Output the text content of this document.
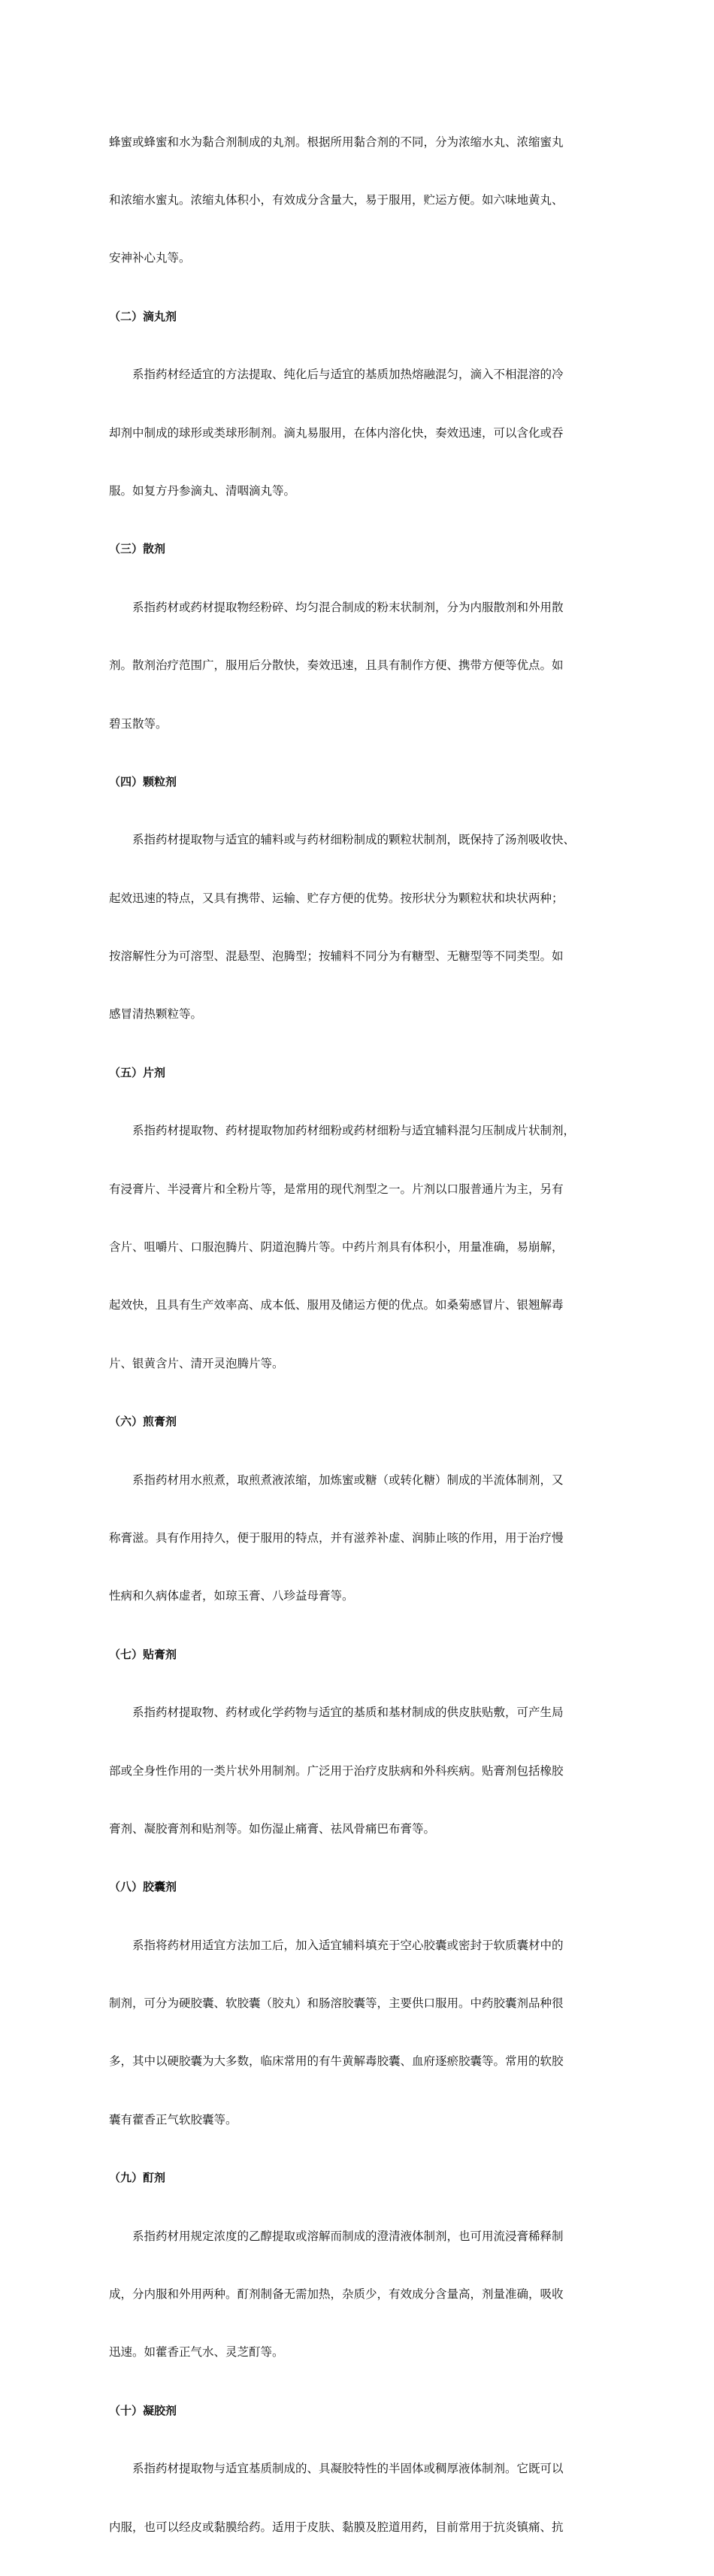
蜂蜜或蜂蜜和水为黏合剂制成的丸剂。根据所用黏合剂的不同，分为浓缩水丸、浓缩蜜丸

和浓缩水蜜丸。浓缩丸体积小，有效成分含量大，易于服用，贮运方便。如六味地黄丸、

安神补心丸等。

（二）滴丸剂

系指药材经适宜的方法提取、纯化后与适宜的基质加热熔融混匀，滴入不相混溶的冷

却剂中制成的球形或类球形制剂。滴丸易服用，在体内溶化快，奏效迅速，可以含化或吞

服。如复方丹参滴丸、清咽滴丸等。

（三）散剂

系指药材或药材提取物经粉碎、均匀混合制成的粉末状制剂，分为内服散剂和外用散

剂。散剂治疗范围广，服用后分散快，奏效迅速，且具有制作方便、携带方便等优点。如

碧玉散等。

（四）颗粒剂

系指药材提取物与适宜的辅料或与药材细粉制成的颗粒状制剂，既保持了汤剂吸收快、

起效迅速的特点，又具有携带、运输、贮存方便的优势。按形状分为颗粒状和块状两种；

按溶解性分为可溶型、混悬型、泡腾型；按辅料不同分为有糖型、无糖型等不同类型。如

感冒清热颗粒等。

（五）片剂

系指药材提取物、药材提取物加药材细粉或药材细粉与适宜辅料混匀压制成片状制剂，

有浸膏片、半浸膏片和全粉片等，是常用的现代剂型之一。片剂以口服普通片为主，另有

含片、咀嚼片、口服泡腾片、阴道泡腾片等。中药片剂具有体积小，用量准确，易崩解，

起效快，且具有生产效率高、成本低、服用及储运方便的优点。如桑菊感冒片、银翘解毒

片、银黄含片、清开灵泡腾片等。

（六）煎膏剂

系指药材用水煎煮，取煎煮液浓缩，加炼蜜或糖（或转化糖）制成的半流体制剂，又

称膏滋。具有作用持久，便于服用的特点，并有滋养补虚、润肺止咳的作用，用于治疗慢

性病和久病体虚者，如琼玉膏、八珍益母膏等。

（七）贴膏剂

系指药材提取物、药材或化学药物与适宜的基质和基材制成的供皮肤贴敷，可产生局

部或全身性作用的一类片状外用制剂。广泛用于治疗皮肤病和外科疾病。贴膏剂包括橡胶

膏剂、凝胶膏剂和贴剂等。如伤湿止痛膏、祛风骨痛巴布膏等。

（八）胶囊剂

系指将药材用适宜方法加工后，加入适宜辅料填充于空心胶囊或密封于软质囊材中的

制剂，可分为硬胶囊、软胶囊（胶丸）和肠溶胶囊等，主要供口服用。中药胶囊剂品种很

多，其中以硬胶囊为大多数，临床常用的有牛黄解毒胶囊、血府逐瘀胶囊等。常用的软胶

囊有藿香正气软胶囊等。

（九）酊剂

系指药材用规定浓度的乙醇提取或溶解而制成的澄清液体制剂，也可用流浸膏稀释制

成，分内服和外用两种。酊剂制备无需加热，杂质少，有效成分含量高，剂量准确，吸收

迅速。如藿香正气水、灵芝酊等。

（十）凝胶剂

系指药材提取物与适宜基质制成的、具凝胶特性的半固体或稠厚液体制剂。它既可以

内服，也可以经皮或黏膜给药。适用于皮肤、黏膜及腔道用药，目前常用于抗炎镇痛、抗
